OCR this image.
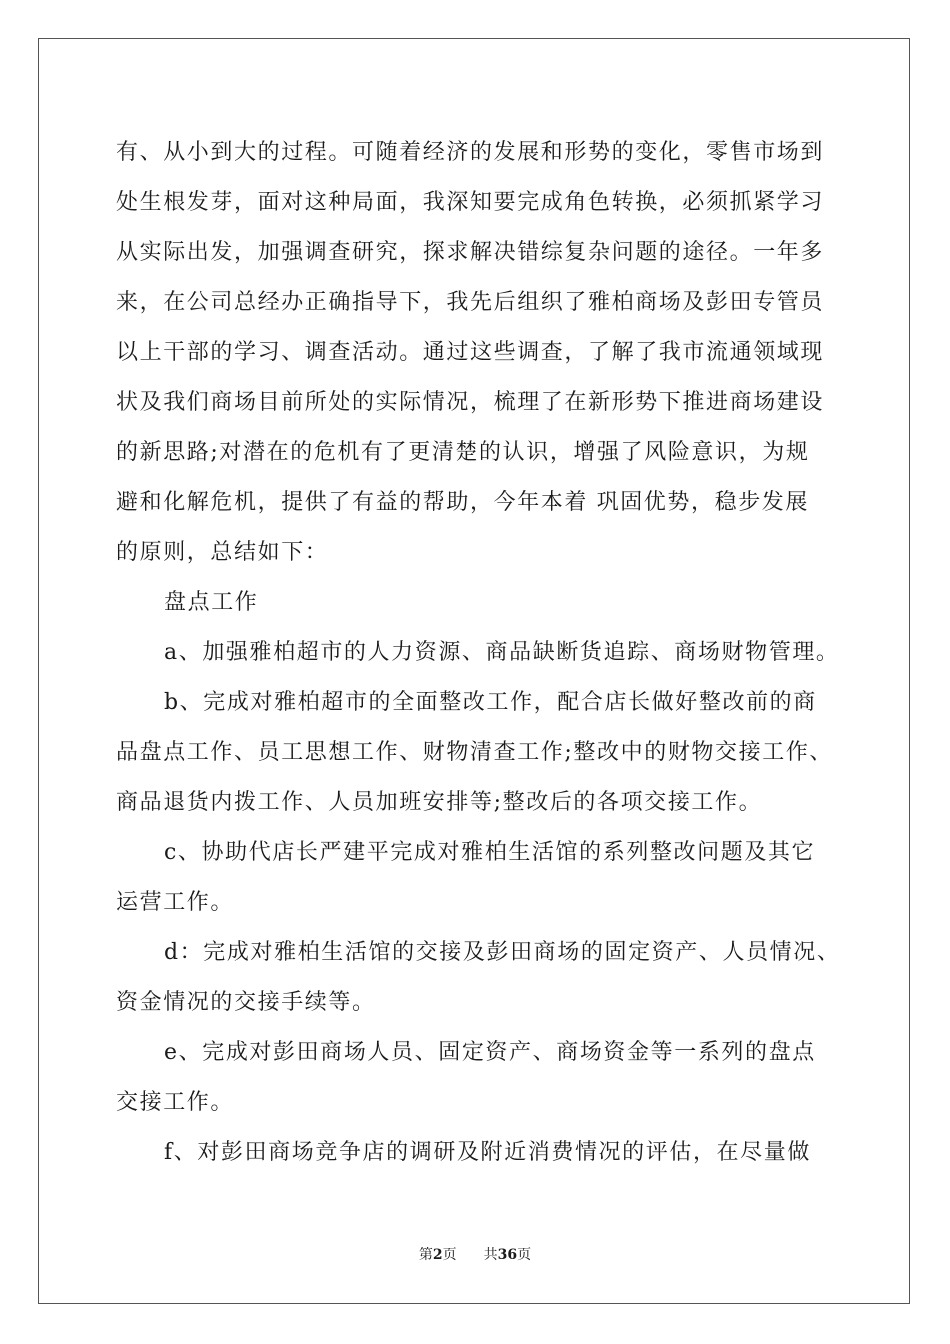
有、从小到大的过程。可随着经济的发展和形势的变化，零售市场到
处生根发芽，面对这种局面，我深知要完成角色转换，必须抓紧学习
从实际出发，加强调查研究，探求解决错综复杂问题的途径。一年多
来，在公司总经办正确指导下，我先后组织了雅柏商场及彭田专管员
以上干部的学习、调查活动。通过这些调查，了解了我市流通领域现
状及我们商场目前所处的实际情况，梳理了在新形势下推进商场建设
的新思路;对潜在的危机有了更清楚的认识，增强了风险意识，为规
避和化解危机，提供了有益的帮助，今年本着 巩固优势，稳步发展
的原则，总结如下：
盘点工作
a、加强雅柏超市的人力资源、商品缺断货追踪、商场财物管理。
b、完成对雅柏超市的全面整改工作，配合店长做好整改前的商
品盘点工作、员工思想工作、财物清查工作;整改中的财物交接工作、
商品退货内拨工作、人员加班安排等;整改后的各项交接工作。
c、协助代店长严建平完成对雅柏生活馆的系列整改问题及其它
运营工作。
d：完成对雅柏生活馆的交接及彭田商场的固定资产、人员情况、
资金情况的交接手续等。
e、完成对彭田商场人员、固定资产、商场资金等一系列的盘点
交接工作。
f、对彭田商场竞争店的调研及附近消费情况的评估，在尽量做
第2页 共36页
